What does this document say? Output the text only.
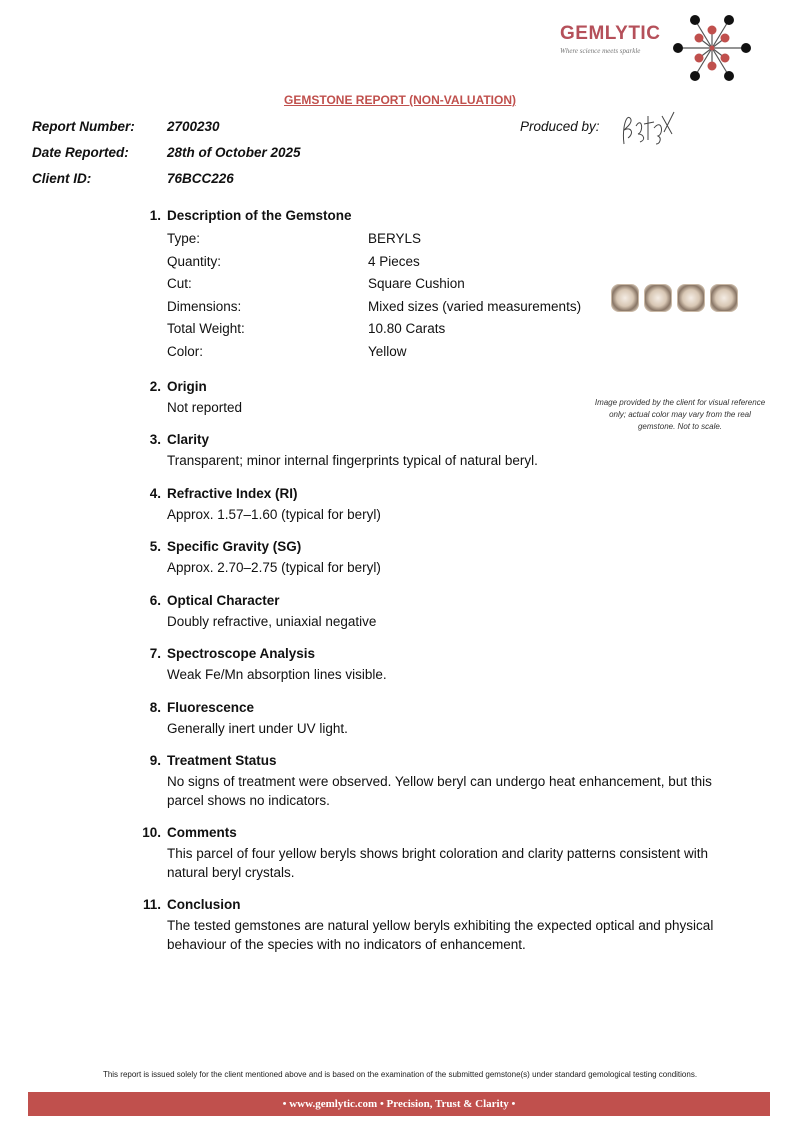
GEMLYTIC
Where science meets sparkle
GEMSTONE REPORT (NON-VALUATION)
Report Number: 2700230
Date Reported:	28th of October 2025
Client ID:	76BCC226
Produced by:
1. Description of the Gemstone
Type:	BERYLS
Quantity:	4 Pieces
Cut:	Square Cushion
Dimensions:	Mixed sizes (varied measurements)
Total Weight:	10.80 Carats
Color:	Yellow
2. Origin
Not reported
3. Clarity
Transparent; minor internal fingerprints typical of natural beryl.
4. Refractive Index (RI)
Approx. 1.57–1.60 (typical for beryl)
5. Specific Gravity (SG)
Approx. 2.70–2.75 (typical for beryl)
6. Optical Character
Doubly refractive, uniaxial negative
7. Spectroscope Analysis
Weak Fe/Mn absorption lines visible.
8. Fluorescence
Generally inert under UV light.
9. Treatment Status
No signs of treatment were observed. Yellow beryl can undergo heat enhancement, but this parcel shows no indicators.
10. Comments
This parcel of four yellow beryls shows bright coloration and clarity patterns consistent with natural beryl crystals.
11. Conclusion
The tested gemstones are natural yellow beryls exhibiting the expected optical and physical behaviour of the species with no indicators of enhancement.
Image provided by the client for visual reference only; actual color may vary from the real gemstone. Not to scale.
This report is issued solely for the client mentioned above and is based on the examination of the submitted gemstone(s) under standard gemological testing conditions.
• www.gemlytic.com • Precision, Trust & Clarity •
